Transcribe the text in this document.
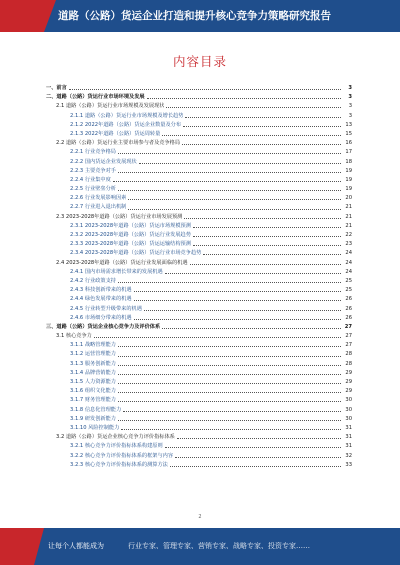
道路（公路）货运企业打造和提升核心竞争力策略研究报告
内容目录
一、前言	3
二、道路（公路）货运行业市场环境及发展	3
2.1 道路（公路）货运行业市场规模及发展现状	3
2.1.1 道路（公路）货运行业市场规模及增长趋势	3
2.1.2 2022年道路（公路）货运企业数量及分布	13
2.1.3 2022年道路（公路）货运周转量	15
2.2 道路（公路）货运行业主要市场参与者及竞争格局	16
2.2.1 行业竞争格局	17
2.2.2 国内货运企业发展现状	18
2.2.3 主要竞争对手	19
2.2.4 行业集中度	19
2.2.5 行业壁垒分析	19
2.2.6 行业发展影响因素	20
2.2.7 行业进入退出机制	21
2.3 2023-2028年道路（公路）货运行业市场发展预测	21
2.3.1 2023-2028年道路（公路）货运市场规模预测	21
2.3.2 2023-2028年道路（公路）货运行业发展趋势	22
2.3.3 2023-2028年道路（公路）货运运输结构预测	23
2.3.4 2023-2028年道路（公路）货运行业市场竞争趋势	24
2.4 2023-2028年道路（公路）货运行业发展面临的机遇	24
2.4.1 国内市场需求增长带来的发展机遇	24
2.4.2 行业政策支持	25
2.4.3 科技创新带来的机遇	25
2.4.4 绿色发展带来的机遇	26
2.4.5 行业转型升级带来的机遇	26
2.4.6 市场细分带来的机遇	26
三、道路（公路）货运企业核心竞争力及评价体系	27
3.1 核心竞争力	27
3.1.1 战略管理能力	27
3.1.2 运营管理能力	28
3.1.3 服务创新能力	28
3.1.4 品牌营销能力	29
3.1.5 人力资源能力	29
3.1.6 组织文化能力	29
3.1.7 财务管理能力	30
3.1.8 信息化管理能力	30
3.1.9 研发创新能力	30
3.1.10 风险控制能力	31
3.2 道路（公路）货运企业核心竞争力评价指标体系	31
3.2.1 核心竞争力评价指标体系构建原则	31
3.2.2 核心竞争力评价指标体系的框架与内容	32
3.2.3 核心竞争力评价指标体系的测算方法	33
2
让每个人都能成为	行业专家、管理专家、营销专家、战略专家、投资专家……
